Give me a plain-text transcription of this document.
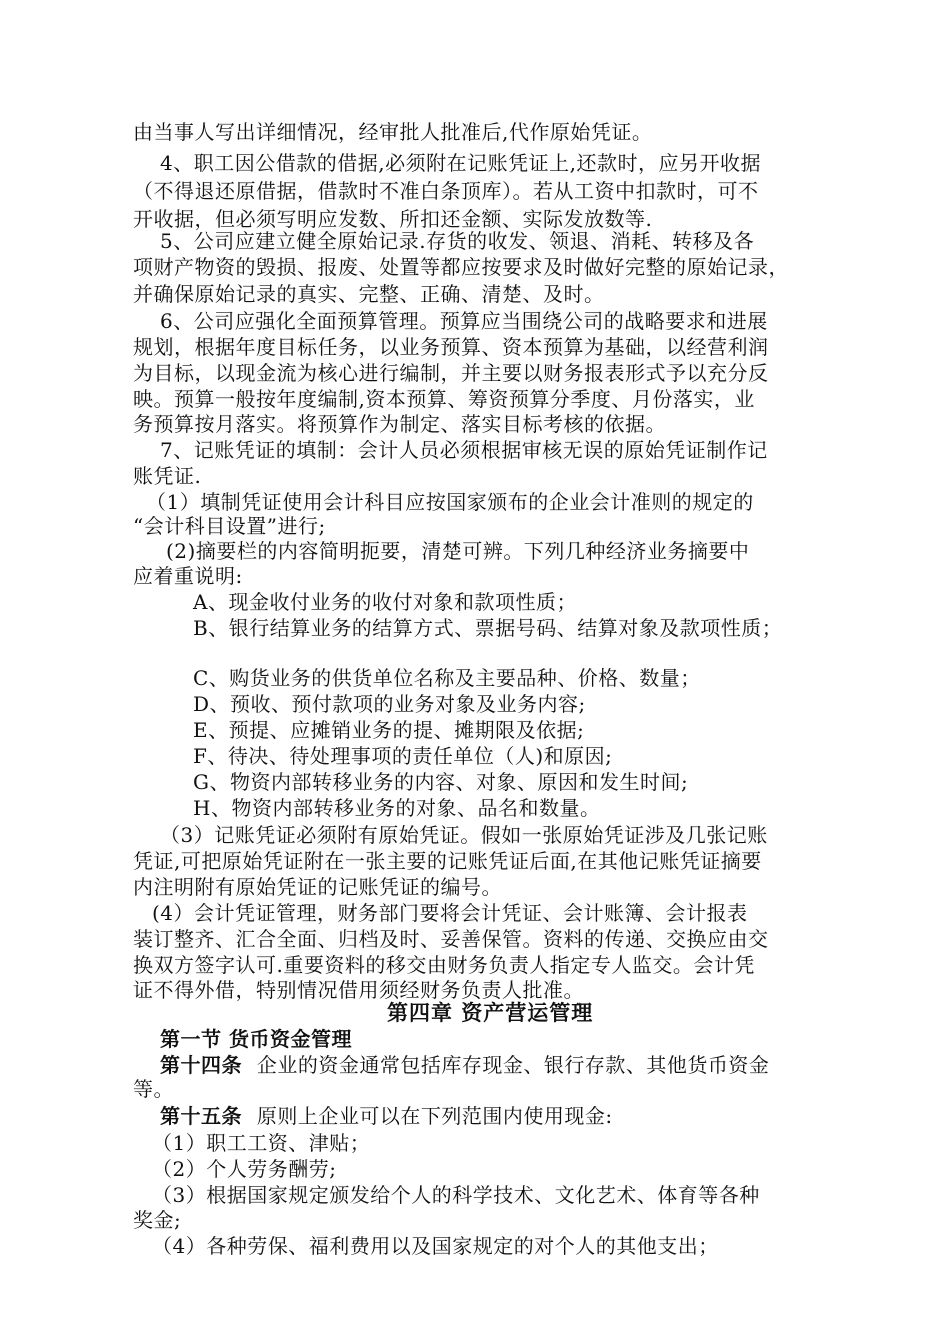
由当事人写出详细情况，经审批人批准后,代作原始凭证。
4、职工因公借款的借据,必须附在记账凭证上,还款时，应另开收据
（不得退还原借据，借款时不准白条顶库）。若从工资中扣款时，可不
开收据，但必须写明应发数、所扣还金额、实际发放数等.
5、公司应建立健全原始记录.存货的收发、领退、消耗、转移及各
项财产物资的毁损、报废、处置等都应按要求及时做好完整的原始记录，
并确保原始记录的真实、完整、正确、清楚、及时。
6、公司应强化全面预算管理。预算应当围绕公司的战略要求和进展
规划，根据年度目标任务，以业务预算、资本预算为基础，以经营利润
为目标，以现金流为核心进行编制，并主要以财务报表形式予以充分反
映。预算一般按年度编制,资本预算、筹资预算分季度、月份落实，业
务预算按月落实。将预算作为制定、落实目标考核的依据。
7、记账凭证的填制：会计人员必须根据审核无误的原始凭证制作记
账凭证.
（1）填制凭证使用会计科目应按国家颁布的企业会计准则的规定的
“会计科目设置”进行;
(2)摘要栏的内容简明扼要，清楚可辨。下列几种经济业务摘要中
应着重说明:
A、现金收付业务的收付对象和款项性质；
B、银行结算业务的结算方式、票据号码、结算对象及款项性质；
C、购货业务的供货单位名称及主要品种、价格、数量；
D、预收、预付款项的业务对象及业务内容;
E、预提、应摊销业务的提、摊期限及依据;
F、待决、待处理事项的责任单位（人)和原因;
G、物资内部转移业务的内容、对象、原因和发生时间;
H、物资内部转移业务的对象、品名和数量。
（3）记账凭证必须附有原始凭证。假如一张原始凭证涉及几张记账
凭证,可把原始凭证附在一张主要的记账凭证后面,在其他记账凭证摘要
内注明附有原始凭证的记账凭证的编号。
(4）会计凭证管理，财务部门要将会计凭证、会计账簿、会计报表
装订整齐、汇合全面、归档及时、妥善保管。资料的传递、交换应由交
换双方签字认可.重要资料的移交由财务负责人指定专人监交。会计凭
证不得外借，特别情况借用须经财务负责人批准。
第四章 资产营运管理
第一节 货币资金管理
第十四条 企业的资金通常包括库存现金、银行存款、其他货币资金
等。
第十五条 原则上企业可以在下列范围内使用现金:
（1）职工工资、津贴；
（2）个人劳务酬劳;
（3）根据国家规定颁发给个人的科学技术、文化艺术、体育等各种
奖金;
（4）各种劳保、福利费用以及国家规定的对个人的其他支出；
